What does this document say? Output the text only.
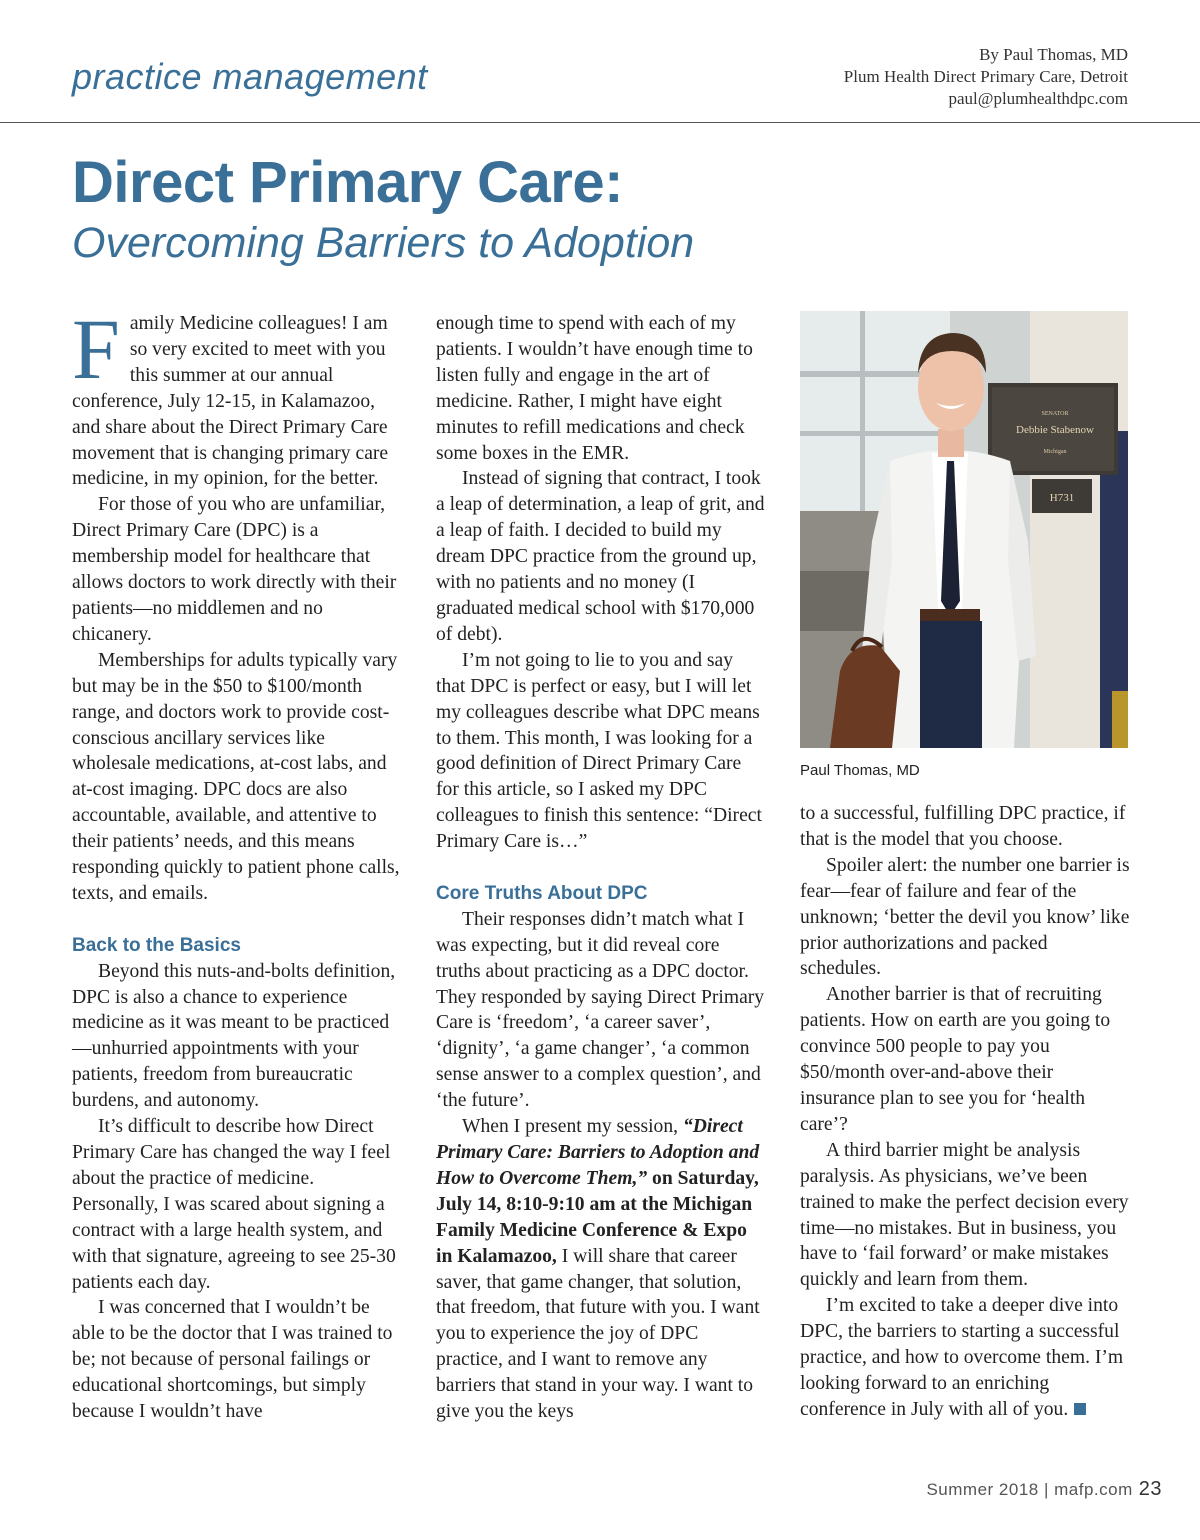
practice management
By Paul Thomas, MD
Plum Health Direct Primary Care, Detroit
paul@plumhealthdpc.com
Direct Primary Care:
Overcoming Barriers to Adoption

Family Medicine colleagues! I am so very excited to meet with you this summer at our annual conference, July 12-15, in Kalamazoo, and share about the Direct Primary Care movement that is changing primary care medicine, in my opinion, for the better.

For those of you who are unfamiliar, Direct Primary Care (DPC) is a membership model for healthcare that allows doctors to work directly with their patients—no middlemen and no chicanery.

Memberships for adults typically vary but may be in the $50 to $100/month range, and doctors work to provide cost-conscious ancillary services like wholesale medications, at-cost labs, and at-cost imaging. DPC docs are also accountable, available, and attentive to their patients’ needs, and this means responding quickly to patient phone calls, texts, and emails.

Back to the Basics

Beyond this nuts-and-bolts definition, DPC is also a chance to experience medicine as it was meant to be practiced—unhurried appointments with your patients, freedom from bureaucratic burdens, and autonomy.

It’s difficult to describe how Direct Primary Care has changed the way I feel about the practice of medicine. Personally, I was scared about signing a contract with a large health system, and with that signature, agreeing to see 25-30 patients each day.

I was concerned that I wouldn’t be able to be the doctor that I was trained to be; not because of personal failings or educational shortcomings, but simply because I wouldn’t have

enough time to spend with each of my patients. I wouldn’t have enough time to listen fully and engage in the art of medicine. Rather, I might have eight minutes to refill medications and check some boxes in the EMR.

Instead of signing that contract, I took a leap of determination, a leap of grit, and a leap of faith. I decided to build my dream DPC practice from the ground up, with no patients and no money (I graduated medical school with $170,000 of debt).

I’m not going to lie to you and say that DPC is perfect or easy, but I will let my colleagues describe what DPC means to them. This month, I was looking for a good definition of Direct Primary Care for this article, so I asked my DPC colleagues to finish this sentence: “Direct Primary Care is…”

Core Truths About DPC

Their responses didn’t match what I was expecting, but it did reveal core truths about practicing as a DPC doctor. They responded by saying Direct Primary Care is ‘freedom’, ‘a career saver’, ‘dignity’, ‘a game changer’, ‘a common sense answer to a complex question’, and ‘the future’.

When I present my session, “Direct Primary Care: Barriers to Adoption and How to Overcome Them,” on Saturday, July 14, 8:10-9:10 am at the Michigan Family Medicine Conference & Expo in Kalamazoo, I will share that career saver, that game changer, that solution, that freedom, that future with you. I want you to experience the joy of DPC practice, and I want to remove any barriers that stand in your way. I want to give you the keys

SENATOR
Debbie Stabenow
Michigan
H731
Paul Thomas, MD

to a successful, fulfilling DPC practice, if that is the model that you choose.

Spoiler alert: the number one barrier is fear—fear of failure and fear of the unknown; ‘better the devil you know’ like prior authorizations and packed schedules.

Another barrier is that of recruiting patients. How on earth are you going to convince 500 people to pay you $50/month over-and-above their insurance plan to see you for ‘health care’?

A third barrier might be analysis paralysis. As physicians, we’ve been trained to make the perfect decision every time—no mistakes. But in business, you have to ‘fail forward’ or make mistakes quickly and learn from them.

I’m excited to take a deeper dive into DPC, the barriers to starting a successful practice, and how to overcome them. I’m looking forward to an enriching conference in July with all of you.

Summer 2018 | mafp.com 23
